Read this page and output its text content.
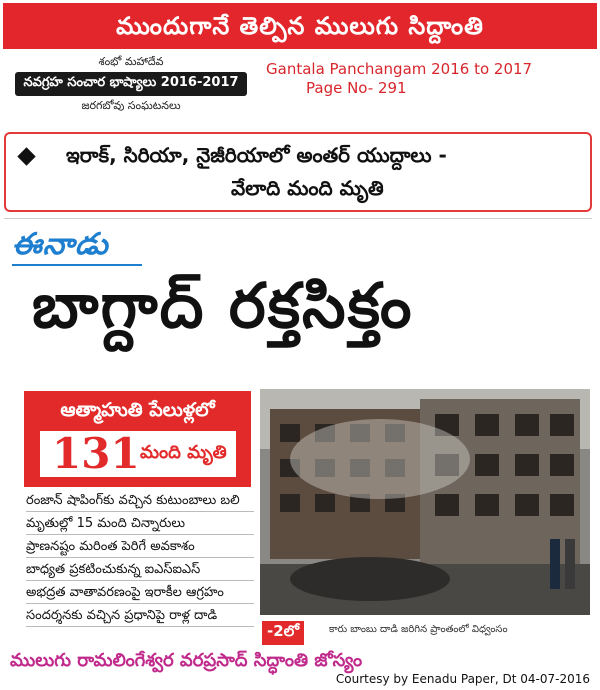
ముందుగానే తెల్పిన ములుగు సిద్దాంతి
శంభో మహాదేవ
నవగ్రహ సంచార భాష్యాలు 2016-2017
జరగబోవు సంఘటనలు
Gantala Panchangam 2016 to 2017
Page No- 291
ఇరాక్, సిరియా, నైజీరియాలో అంతర్ యుద్దాలు -
వేలాది మంది మృతి
ఈనాడు
బాగ్దాద్ రక్తసిక్తం
ఆత్మాహుతి పేలుళ్లలో
131 మంది మృతి
రంజాన్ షాపింగ్‌కు వచ్చిన కుటుంబాలు బలి
మృతుల్లో 15 మంది చిన్నారులు
ప్రాణనష్టం మరింత పెరిగే అవకాశం
బాధ్యత ప్రకటించుకున్న ఐఎస్ఐఎస్
అభద్రత వాతావరణంపై ఇరాకీల ఆగ్రహం
సందర్శనకు వచ్చిన ప్రధానిపై రాళ్ల దాడి
-2లో	కారు బాంబు దాడి జరిగిన ప్రాంతంలో విధ్వంసం
ములుగు రామలింగేశ్వర వరప్రసాద్ సిద్ధాంతి జోస్యం
Courtesy by Eenadu Paper, Dt 04-07-2016
